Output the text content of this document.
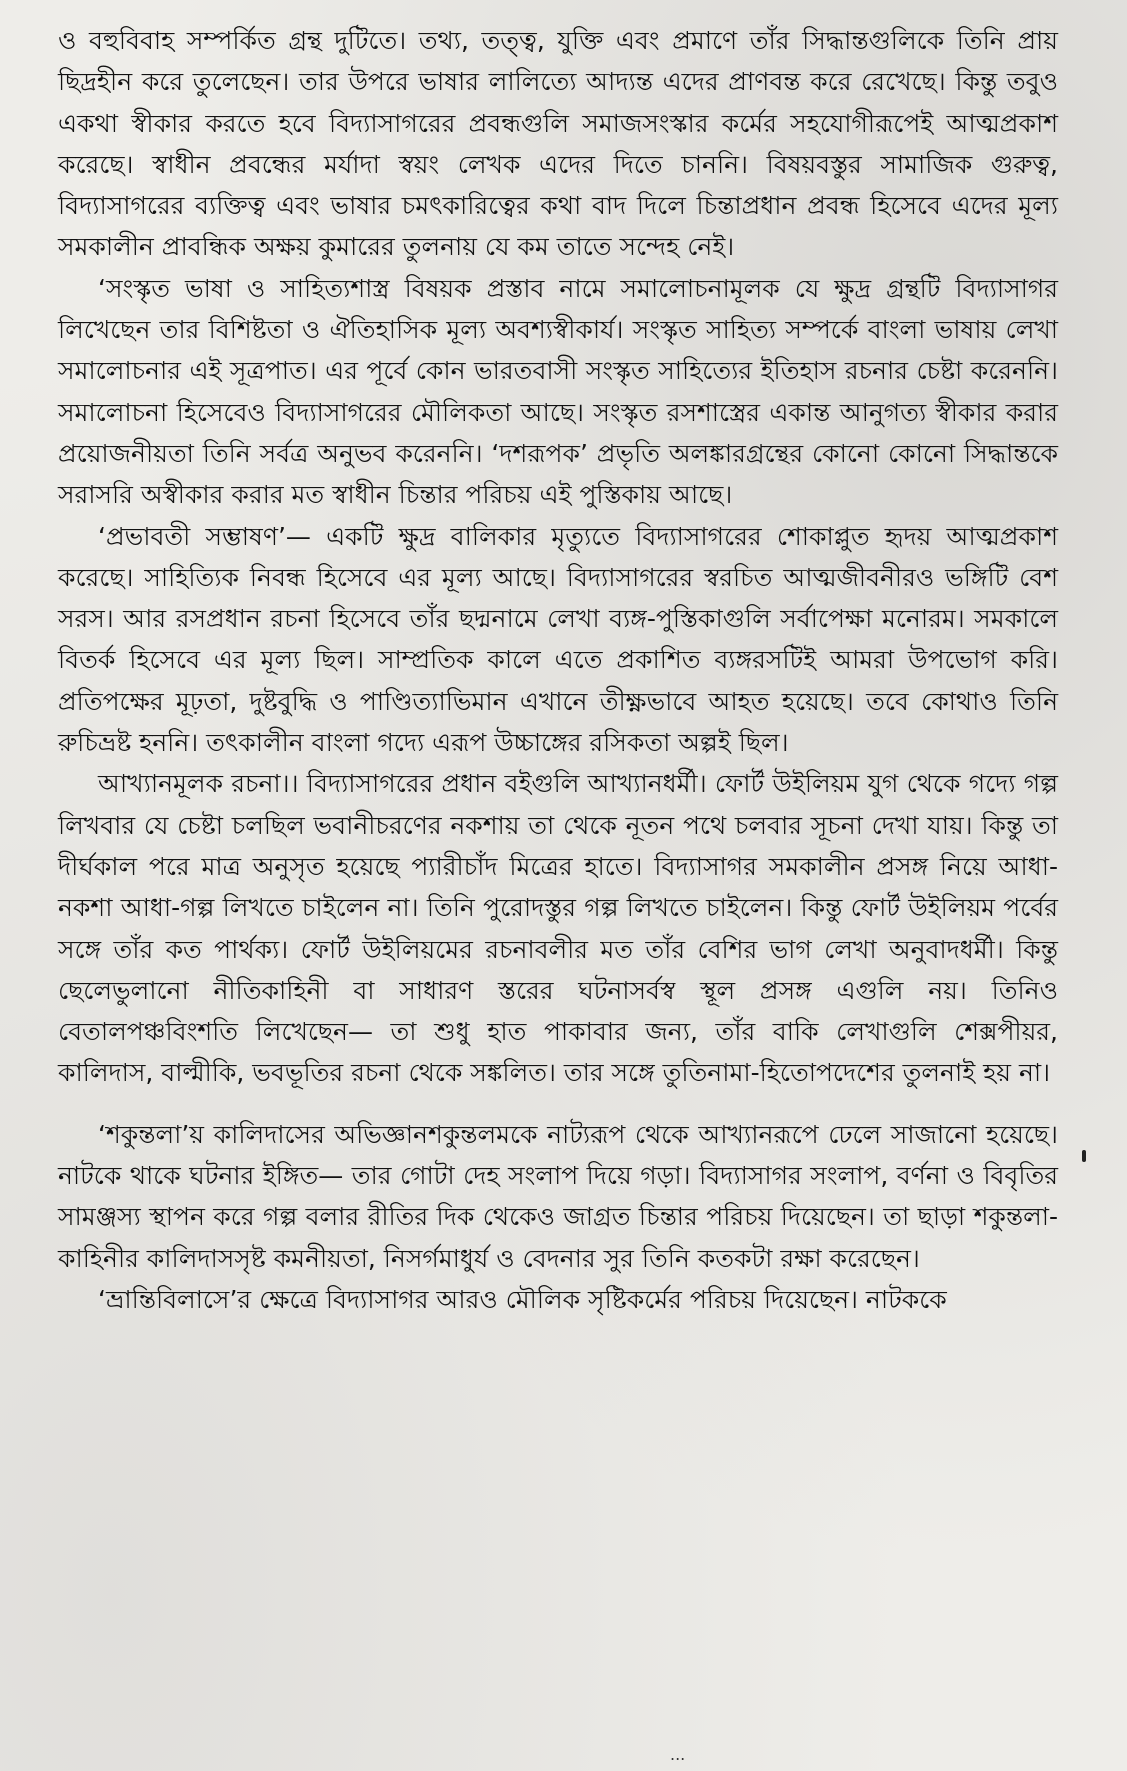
ও বহুবিবাহ সম্পর্কিত গ্রন্থ দুটিতে। তথ্য, তত্ত্ব, যুক্তি এবং প্রমাণে তাঁর সিদ্ধান্তগুলিকে তিনি প্রায় ছিদ্রহীন করে তুলেছেন। তার উপরে ভাষার লালিত্যে আদ্যন্ত এদের প্রাণবন্ত করে রেখেছে। কিন্তু তবুও একথা স্বীকার করতে হবে বিদ্যাসাগরের প্রবন্ধগুলি সমাজসংস্কার কর্মের সহযোগীরূপেই আত্মপ্রকাশ করেছে। স্বাধীন প্রবন্ধের মর্যাদা স্বয়ং লেখক এদের দিতে চাননি। বিষয়বস্তুর সামাজিক গুরুত্ব, বিদ্যাসাগরের ব্যক্তিত্ব এবং ভাষার চমৎকারিত্বের কথা বাদ দিলে চিন্তাপ্রধান প্রবন্ধ হিসেবে এদের মূল্য সমকালীন প্রাবন্ধিক অক্ষয় কুমারের তুলনায় যে কম তাতে সন্দেহ নেই।

‘সংস্কৃত ভাষা ও সাহিত্যশাস্ত্র বিষয়ক প্রস্তাব নামে সমালোচনামূলক যে ক্ষুদ্র গ্রন্থটি বিদ্যাসাগর লিখেছেন তার বিশিষ্টতা ও ঐতিহাসিক মূল্য অবশ্যস্বীকার্য। সংস্কৃত সাহিত্য সম্পর্কে বাংলা ভাষায় লেখা সমালোচনার এই সূত্রপাত। এর পূর্বে কোন ভারতবাসী সংস্কৃত সাহিত্যের ইতিহাস রচনার চেষ্টা করেননি। সমালোচনা হিসেবেও বিদ্যাসাগরের মৌলিকতা আছে। সংস্কৃত রসশাস্ত্রের একান্ত আনুগত্য স্বীকার করার প্রয়োজনীয়তা তিনি সর্বত্র অনুভব করেননি। ‘দশরূপক’ প্রভৃতি অলঙ্কারগ্রন্থের কোনো কোনো সিদ্ধান্তকে সরাসরি অস্বীকার করার মত স্বাধীন চিন্তার পরিচয় এই পুস্তিকায় আছে।

‘প্রভাবতী সম্ভাষণ’— একটি ক্ষুদ্র বালিকার মৃত্যুতে বিদ্যাসাগরের শোকাপ্লুত হৃদয় আত্মপ্রকাশ করেছে। সাহিত্যিক নিবন্ধ হিসেবে এর মূল্য আছে। বিদ্যাসাগরের স্বরচিত আত্মজীবনীরও ভঙ্গিটি বেশ সরস। আর রসপ্রধান রচনা হিসেবে তাঁর ছদ্মনামে লেখা ব্যঙ্গ-পুস্তিকাগুলি সর্বাপেক্ষা মনোরম। সমকালে বিতর্ক হিসেবে এর মূল্য ছিল। সাম্প্রতিক কালে এতে প্রকাশিত ব্যঙ্গরসটিই আমরা উপভোগ করি। প্রতিপক্ষের মূঢ়তা, দুষ্টবুদ্ধি ও পাণ্ডিত্যাভিমান এখানে তীক্ষ্ণভাবে আহত হয়েছে। তবে কোথাও তিনি রুচিভ্রষ্ট হননি। তৎকালীন বাংলা গদ্যে এরূপ উচ্চাঙ্গের রসিকতা অল্পই ছিল।

আখ্যানমূলক রচনা।। বিদ্যাসাগরের প্রধান বইগুলি আখ্যানধর্মী। ফোর্ট উইলিয়ম যুগ থেকে গদ্যে গল্প লিখবার যে চেষ্টা চলছিল ভবানীচরণের নকশায় তা থেকে নূতন পথে চলবার সূচনা দেখা যায়। কিন্তু তা দীর্ঘকাল পরে মাত্র অনুসৃত হয়েছে প্যারীচাঁদ মিত্রের হাতে। বিদ্যাসাগর সমকালীন প্রসঙ্গ নিয়ে আধা-নকশা আধা-গল্প লিখতে চাইলেন না। তিনি পুরোদস্তুর গল্প লিখতে চাইলেন। কিন্তু ফোর্ট উইলিয়ম পর্বের সঙ্গে তাঁর কত পার্থক্য। ফোর্ট উইলিয়মের রচনাবলীর মত তাঁর বেশির ভাগ লেখা অনুবাদধর্মী। কিন্তু ছেলেভুলানো নীতিকাহিনী বা সাধারণ স্তরের ঘটনাসর্বস্ব স্থূল প্রসঙ্গ এগুলি নয়। তিনিও বেতালপঞ্চবিংশতি লিখেছেন— তা শুধু হাত পাকাবার জন্য, তাঁর বাকি লেখাগুলি শেক্সপীয়র, কালিদাস, বাল্মীকি, ভবভূতির রচনা থেকে সঙ্কলিত। তার সঙ্গে তুতিনামা-হিতোপদেশের তুলনাই হয় না।

‘শকুন্তলা’য় কালিদাসের অভিজ্ঞানশকুন্তলমকে নাট্যরূপ থেকে আখ্যানরূপে ঢেলে সাজানো হয়েছে। নাটকে থাকে ঘটনার ইঙ্গিত— তার গোটা দেহ সংলাপ দিয়ে গড়া। বিদ্যাসাগর সংলাপ, বর্ণনা ও বিবৃতির সামঞ্জস্য স্থাপন করে গল্প বলার রীতির দিক থেকেও জাগ্রত চিন্তার পরিচয় দিয়েছেন। তা ছাড়া শকুন্তলা-কাহিনীর কালিদাসসৃষ্ট কমনীয়তা, নিসর্গমাধুর্য ও বেদনার সুর তিনি কতকটা রক্ষা করেছেন।

‘ভ্রান্তিবিলাসে’র ক্ষেত্রে বিদ্যাসাগর আরও মৌলিক সৃষ্টিকর্মের পরিচয় দিয়েছেন। নাটককে

...
